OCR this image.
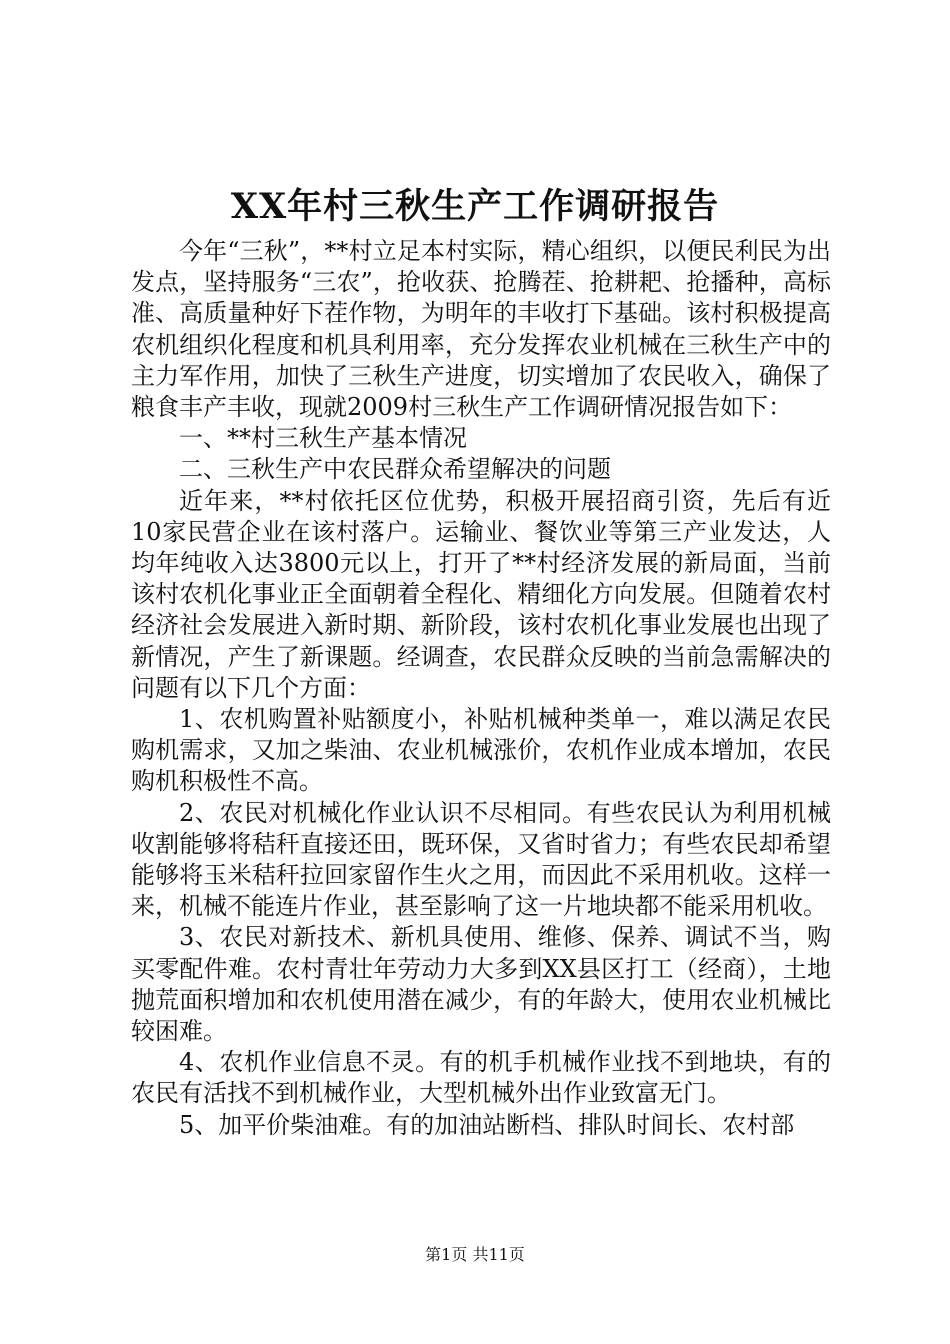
XX年村三秋生产工作调研报告

今年“三秋”，**村立足本村实际，精心组织，以便民利民为出发点，坚持服务“三农”，抢收获、抢腾茬、抢耕耙、抢播种，高标准、高质量种好下茬作物，为明年的丰收打下基础。该村积极提高农机组织化程度和机具利用率，充分发挥农业机械在三秋生产中的主力军作用，加快了三秋生产进度，切实增加了农民收入，确保了粮食丰产丰收，现就2009村三秋生产工作调研情况报告如下：

一、**村三秋生产基本情况

二、三秋生产中农民群众希望解决的问题

近年来，**村依托区位优势，积极开展招商引资，先后有近10家民营企业在该村落户。运输业、餐饮业等第三产业发达，人均年纯收入达3800元以上，打开了**村经济发展的新局面，当前该村农机化事业正全面朝着全程化、精细化方向发展。但随着农村经济社会发展进入新时期、新阶段，该村农机化事业发展也出现了新情况，产生了新课题。经调查，农民群众反映的当前急需解决的问题有以下几个方面：

1、农机购置补贴额度小，补贴机械种类单一，难以满足农民购机需求，又加之柴油、农业机械涨价，农机作业成本增加，农民购机积极性不高。

2、农民对机械化作业认识不尽相同。有些农民认为利用机械收割能够将秸秆直接还田，既环保，又省时省力；有些农民却希望能够将玉米秸秆拉回家留作生火之用，而因此不采用机收。这样一来，机械不能连片作业，甚至影响了这一片地块都不能采用机收。

3、农民对新技术、新机具使用、维修、保养、调试不当，购买零配件难。农村青壮年劳动力大多到XX县区打工（经商），土地抛荒面积增加和农机使用潜在减少，有的年龄大，使用农业机械比较困难。

4、农机作业信息不灵。有的机手机械作业找不到地块，有的农民有活找不到机械作业，大型机械外出作业致富无门。

5、加平价柴油难。有的加油站断档、排队时间长、农村部

第1页 共11页
